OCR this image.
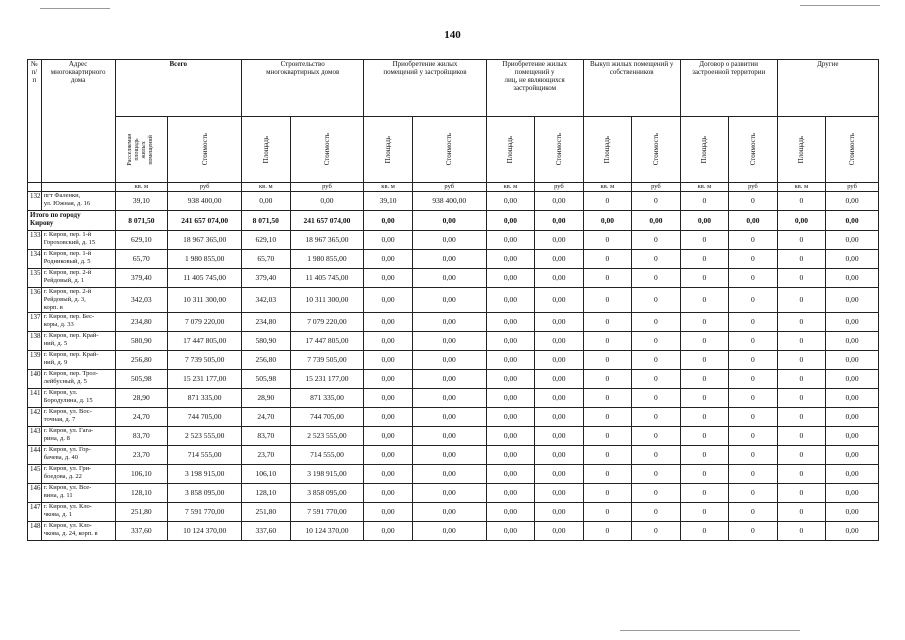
140
№
п/п	Адрес
многоквартирного
дома	Всего		Строительство
многоквартирных домов		Приобретение жилых
помещений у застройщиков		Приобретение жилых
помещений у
лиц, не являющихся
застройщиком		Выкуп жилых помещений у
собственников		Договор о развитии
застроенной территории		Другие	

		Расселяемая
площадь
жилых
помещений	Стоимость	Площадь	Стоимость	Площадь	Стоимость	Площадь	Стоимость	Площадь	Стоимость	Площадь	Стоимость	Площадь	Стоимость

		кв. м	руб	кв. м	руб	кв. м	руб	кв. м	руб	кв. м	руб	кв. м	руб	кв. м	руб
132	пгт Фаленки,
ул. Южная, д. 16	39,10	938 400,00	0,00	0,00	39,10	938 400,00	0,00	0,00	0	0	0	0	0	0,00
Итого по городу
Кирову		8 071,50	241 657 074,00	8 071,50	241 657 074,00	0,00	0,00	0,00	0,00	0,00	0,00	0,00	0,00	0,00	0,00
133	г. Киров, пер. 1-й
Гороховский, д. 15	629,10	18 967 365,00	629,10	18 967 365,00	0,00	0,00	0,00	0,00	0	0	0	0	0	0,00
134	г. Киров, пер. 1-й
Родниковый, д. 5	65,70	1 980 855,00	65,70	1 980 855,00	0,00	0,00	0,00	0,00	0	0	0	0	0	0,00
135	г. Киров, пер. 2-й
Рейдовый, д. 1	379,40	11 405 745,00	379,40	11 405 745,00	0,00	0,00	0,00	0,00	0	0	0	0	0	0,00
136	г. Киров, пер. 2-й
Рейдовый, д. 3,
корп. в	342,03	10 311 300,00	342,03	10 311 300,00	0,00	0,00	0,00	0,00	0	0	0	0	0	0,00
137	г. Киров, пер. Бес-
коры, д. 33	234,80	7 079 220,00	234,80	7 079 220,00	0,00	0,00	0,00	0,00	0	0	0	0	0	0,00
138	г. Киров, пер. Край-
ний, д. 5	580,90	17 447 805,00	580,90	17 447 805,00	0,00	0,00	0,00	0,00	0	0	0	0	0	0,00
139	г. Киров, пер. Край-
ний, д. 9	256,80	7 739 505,00	256,80	7 739 505,00	0,00	0,00	0,00	0,00	0	0	0	0	0	0,00
140	г. Киров, пер. Трол-
лейбусный, д. 5	505,98	15 231 177,00	505,98	15 231 177,00	0,00	0,00	0,00	0,00	0	0	0	0	0	0,00
141	г. Киров, ул.
Бородулина, д. 15	28,90	871 335,00	28,90	871 335,00	0,00	0,00	0,00	0,00	0	0	0	0	0	0,00
142	г. Киров, ул. Вос-
точная, д. 7	24,70	744 705,00	24,70	744 705,00	0,00	0,00	0,00	0,00	0	0	0	0	0	0,00
143	г. Киров, ул. Гага-
рина, д. 8	83,70	2 523 555,00	83,70	2 523 555,00	0,00	0,00	0,00	0,00	0	0	0	0	0	0,00
144	г. Киров, ул. Гор-
бачева, д. 40	23,70	714 555,00	23,70	714 555,00	0,00	0,00	0,00	0,00	0	0	0	0	0	0,00
145	г. Киров, ул. Гри-
боедова, д. 22	106,10	3 198 915,00	106,10	3 198 915,00	0,00	0,00	0,00	0,00	0	0	0	0	0	0,00
146	г. Киров, ул. Все-
вина, д. 11	128,10	3 858 095,00	128,10	3 858 095,00	0,00	0,00	0,00	0,00	0	0	0	0	0	0,00
147	г. Киров, ул. Кло-
чкова, д. 1	251,80	7 591 770,00	251,80	7 591 770,00	0,00	0,00	0,00	0,00	0	0	0	0	0	0,00
148	г. Киров, ул. Кло-
чкова, д. 24, корп. в	337,60	10 124 370,00	337,60	10 124 370,00	0,00	0,00	0,00	0,00	0	0	0	0	0	0,00
